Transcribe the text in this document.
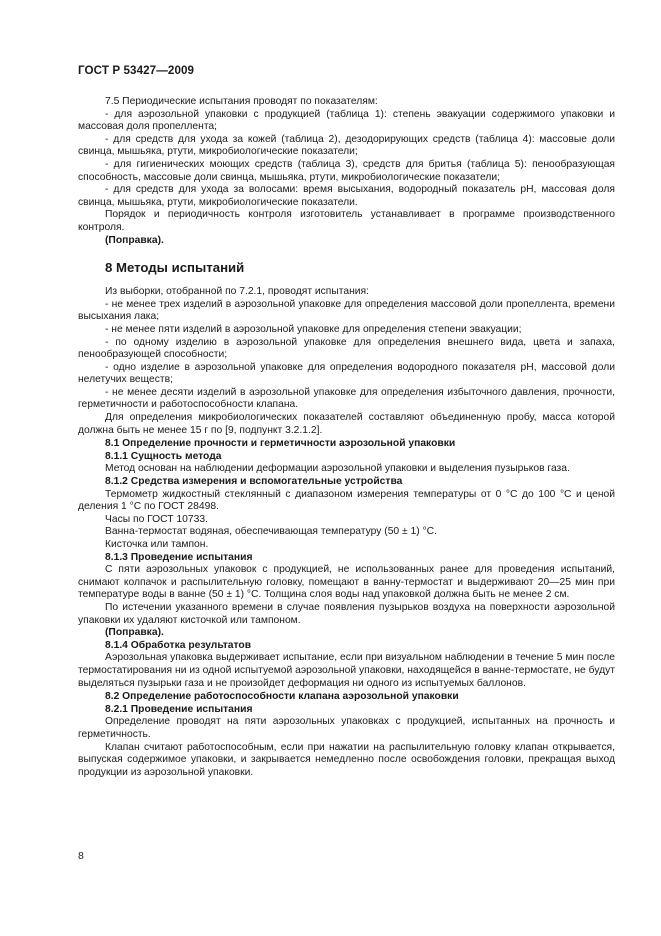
ГОСТ Р 53427—2009

7.5 Периодические испытания проводят по показателям:

- для аэрозольной упаковки с продукцией (таблица 1): степень эвакуации содержимого упаковки и массовая доля пропеллента;

- для средств для ухода за кожей (таблица 2), дезодорирующих средств (таблица 4): массовые доли свинца, мышьяка, ртути, микробиологические показатели;

- для гигиенических моющих средств (таблица 3), средств для бритья (таблица 5): пенообразующая способность, массовые доли свинца, мышьяка, ртути, микробиологические показатели;

- для средств для ухода за волосами: время высыхания, водородный показатель pH, массовая доля свинца, мышьяка, ртути, микробиологические показатели.

Порядок и периодичность контроля изготовитель устанавливает в программе производственного контроля.

(Поправка).

8 Методы испытаний

Из выборки, отобранной по 7.2.1, проводят испытания:

- не менее трех изделий в аэрозольной упаковке для определения массовой доли пропеллента, времени высыхания лака;

- не менее пяти изделий в аэрозольной упаковке для определения степени эвакуации;

- по одному изделию в аэрозольной упаковке для определения внешнего вида, цвета и запаха, пенообразующей способности;

- одно изделие в аэрозольной упаковке для определения водородного показателя pH, массовой доли нелетучих веществ;

- не менее десяти изделий в аэрозольной упаковке для определения избыточного давления, прочности, герметичности и работоспособности клапана.

Для определения микробиологических показателей составляют объединенную пробу, масса которой должна быть не менее 15 г по [9, подпункт 3.2.1.2].

8.1 Определение прочности и герметичности аэрозольной упаковки

8.1.1 Сущность метода

Метод основан на наблюдении деформации аэрозольной упаковки и выделения пузырьков газа.

8.1.2 Средства измерения и вспомогательные устройства

Термометр жидкостный стеклянный с диапазоном измерения температуры от 0 °С до 100 °С и ценой деления 1 °С по ГОСТ 28498.

Часы по ГОСТ 10733.

Ванна-термостат водяная, обеспечивающая температуру (50 ± 1) °С.

Кисточка или тампон.

8.1.3 Проведение испытания

С пяти аэрозольных упаковок с продукцией, не использованных ранее для проведения испытаний, снимают колпачок и распылительную головку, помещают в ванну-термостат и выдерживают 20—25 мин при температуре воды в ванне (50 ± 1) °С. Толщина слоя воды над упаковкой должна быть не менее 2 см.

По истечении указанного времени в случае появления пузырьков воздуха на поверхности аэрозольной упаковки их удаляют кисточкой или тампоном.

(Поправка).

8.1.4 Обработка результатов

Аэрозольная упаковка выдерживает испытание, если при визуальном наблюдении в течение 5 мин после термостатирования ни из одной испытуемой аэрозольной упаковки, находящейся в ванне-термостате, не будут выделяться пузырьки газа и не произойдет деформация ни одного из испытуемых баллонов.

8.2 Определение работоспособности клапана аэрозольной упаковки

8.2.1 Проведение испытания

Определение проводят на пяти аэрозольных упаковках с продукцией, испытанных на прочность и герметичность.

Клапан считают работоспособным, если при нажатии на распылительную головку клапан открывается, выпуская содержимое упаковки, и закрывается немедленно после освобождения головки, прекращая выход продукции из аэрозольной упаковки.

8
